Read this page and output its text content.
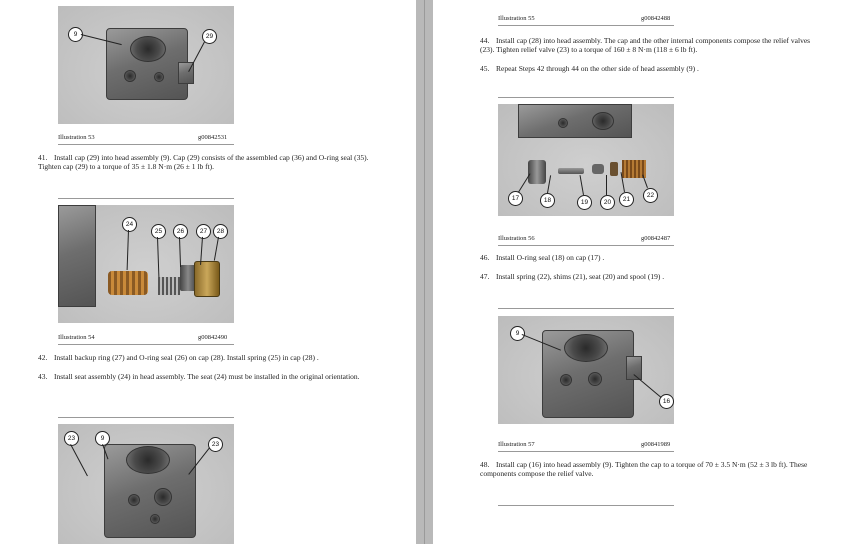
9	29
Illustration 53	g00842531
41. Install cap (29) into head assembly (9). Cap (29) consists of the assembled cap (36) and O-ring seal (35). Tighten cap (29) to a torque of 35 ± 1.8 N·m (26 ± 1 lb ft).
24
25	26	27	28
Illustration 54	g00842490
42. Install backup ring (27) and O-ring seal (26) on cap (28). Install spring (25) in cap (28) .
43. Install seat assembly (24) in head assembly. The seat (24) must be installed in the original orientation.
23	9
23
Illustration 55	g00842488
44. Install cap (28) into head assembly. The cap and the other internal components compose the relief valves (23). Tighten relief valve (23) to a torque of 160 ± 8 N·m (118 ± 6 lb ft).
45. Repeat Steps 42 through 44 on the other side of head assembly (9) .
17	18	19	20	21
22
Illustration 56	g00842487
46. Install O-ring seal (18) on cap (17) .
47. Install spring (22), shims (21), seat (20) and spool (19) .
9
16
Illustration 57	g00841989
48. Install cap (16) into head assembly (9). Tighten the cap to a torque of 70 ± 3.5 N·m (52 ± 3 lb ft). These components compose the relief valve.
